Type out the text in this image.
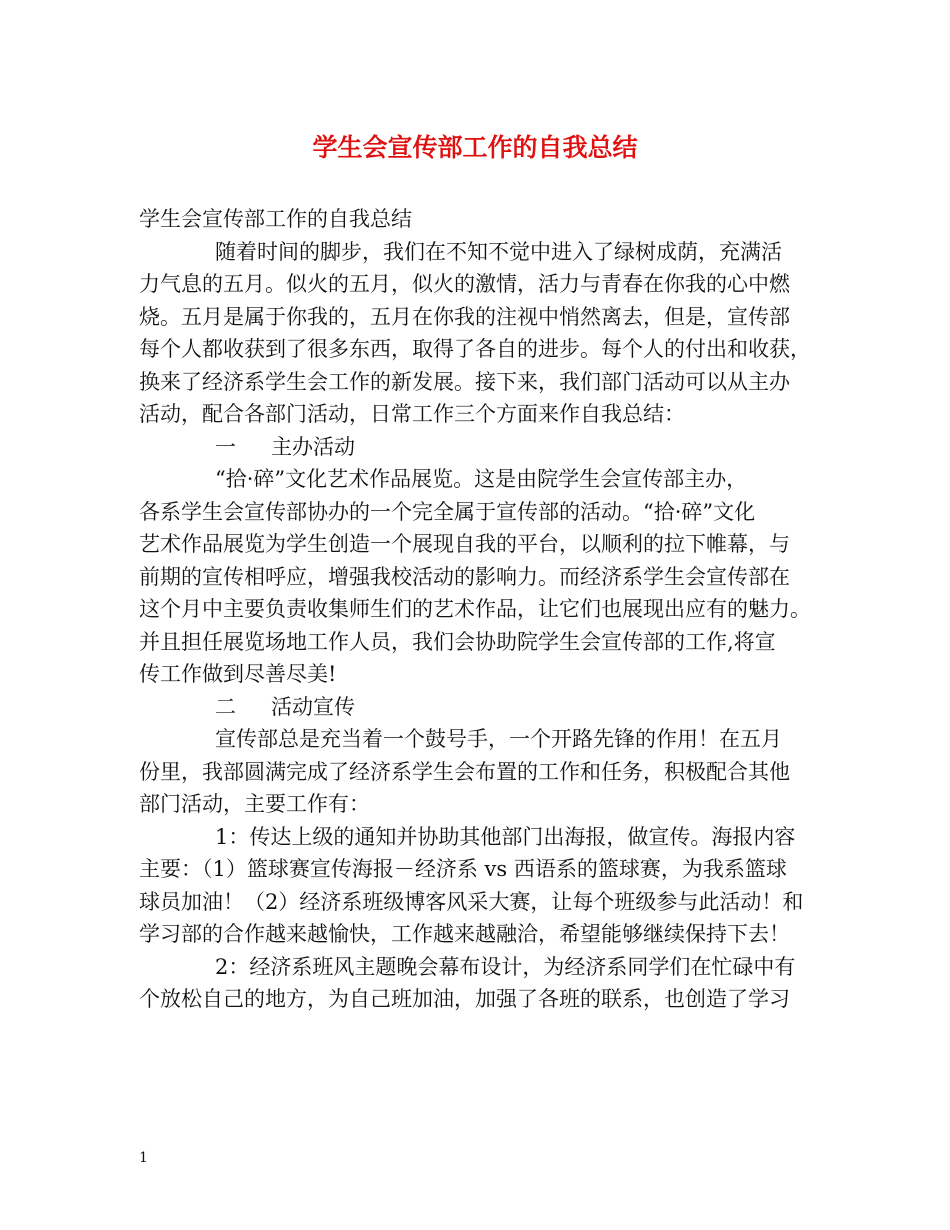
学生会宣传部工作的自我总结
学生会宣传部工作的自我总结
随着时间的脚步，我们在不知不觉中进入了绿树成荫，充满活
力气息的五月。似火的五月，似火的激情，活力与青春在你我的心中燃
烧。五月是属于你我的，五月在你我的注视中悄然离去，但是，宣传部
每个人都收获到了很多东西，取得了各自的进步。每个人的付出和收获，
换来了经济系学生会工作的新发展。接下来，我们部门活动可以从主办
活动，配合各部门活动，日常工作三个方面来作自我总结：
一 主办活动
“拾·碎”文化艺术作品展览。这是由院学生会宣传部主办，
各系学生会宣传部协办的一个完全属于宣传部的活动。“拾·碎”文化
艺术作品展览为学生创造一个展现自我的平台，以顺利的拉下帷幕，与
前期的宣传相呼应，增强我校活动的影响力。而经济系学生会宣传部在
这个月中主要负责收集师生们的艺术作品，让它们也展现出应有的魅力。
并且担任展览场地工作人员，我们会协助院学生会宣传部的工作,将宣
传工作做到尽善尽美!
二 活动宣传
宣传部总是充当着一个鼓号手，一个开路先锋的作用！在五月
份里，我部圆满完成了经济系学生会布置的工作和任务，积极配合其他
部门活动，主要工作有：
1：传达上级的通知并协助其他部门出海报，做宣传。海报内容
主要：（1）篮球赛宣传海报－经济系 vs 西语系的篮球赛，为我系篮球
球员加油！（2）经济系班级博客风采大赛，让每个班级参与此活动！和
学习部的合作越来越愉快，工作越来越融洽，希望能够继续保持下去！
2：经济系班风主题晚会幕布设计，为经济系同学们在忙碌中有
个放松自己的地方，为自己班加油，加强了各班的联系，也创造了学习
1
